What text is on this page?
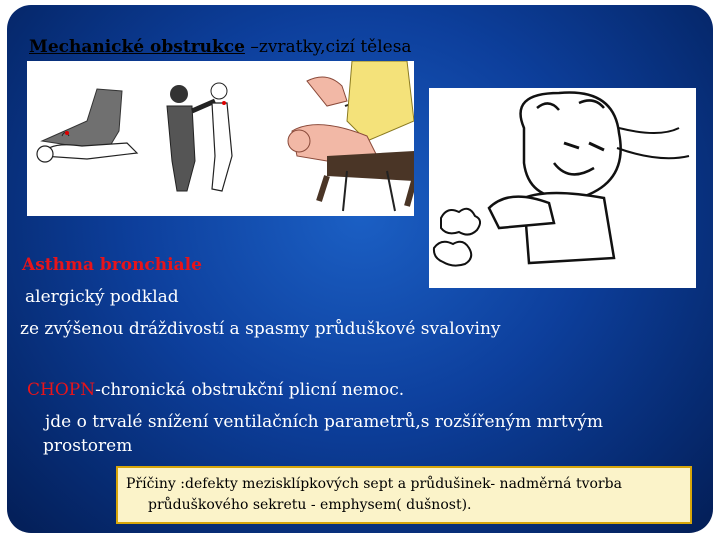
Mechanické obstrukce –zvratky,cizí tělesa
Asthma bronchiale
alergický podklad
ze zvýšenou dráždivostí a spasmy průduškové svaloviny
CHOPN-chronická obstrukční plicní nemoc.
jde o trvalé snížení ventilačních parametrů,s rozšířeným mrtvým
prostorem
Příčiny :defekty mezisklípkových sept a průdušinek- nadměrná tvorba
průduškového sekretu - emphysem( dušnost).
